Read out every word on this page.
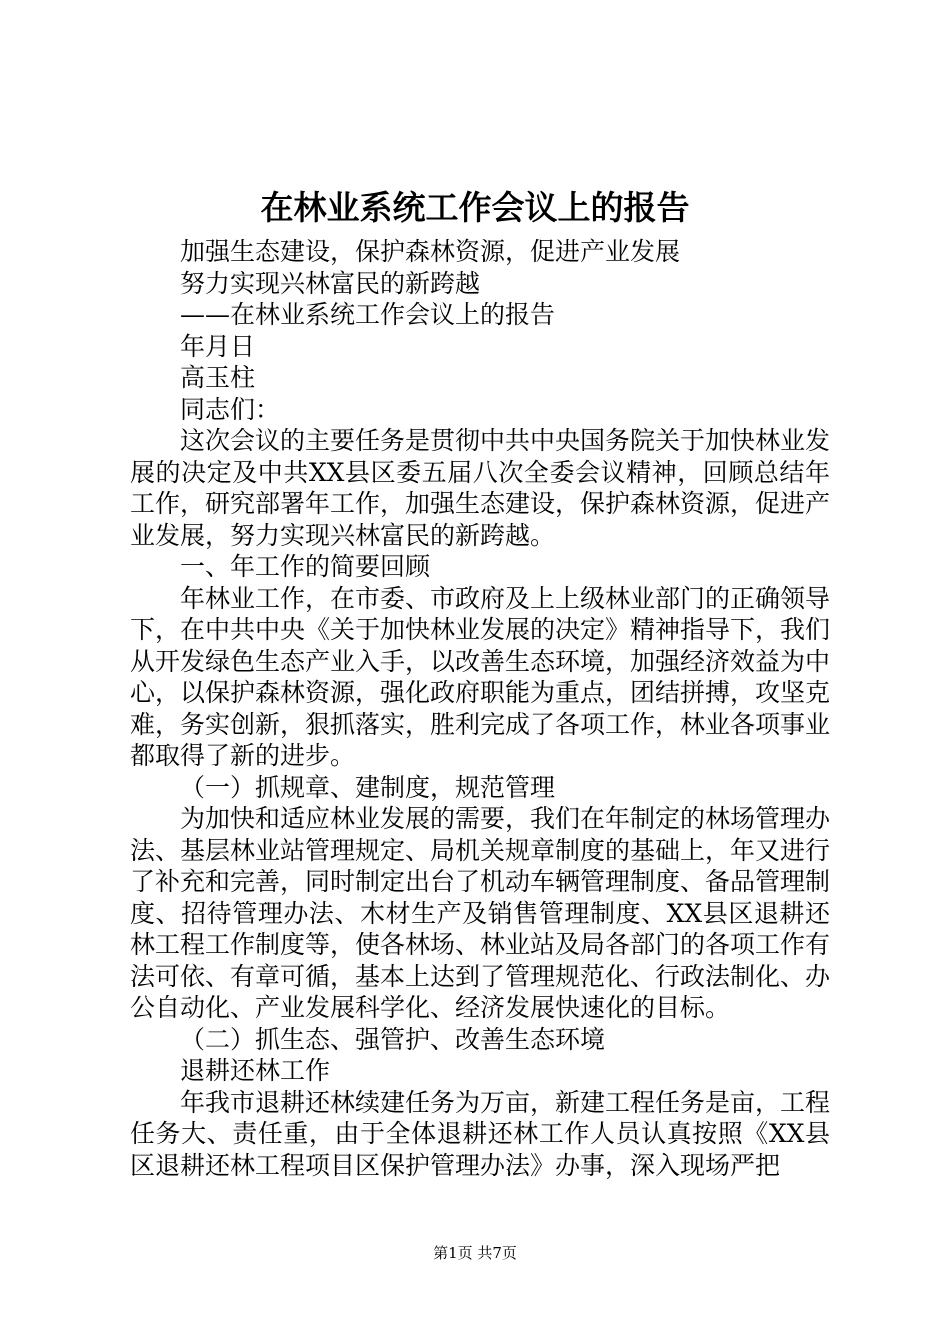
在林业系统工作会议上的报告

加强生态建设，保护森林资源，促进产业发展

努力实现兴林富民的新跨越

——在林业系统工作会议上的报告

年月日

高玉柱

同志们：

这次会议的主要任务是贯彻中共中央国务院关于加快林业发展的决定及中共XX县区委五届八次全委会议精神，回顾总结年工作，研究部署年工作，加强生态建设，保护森林资源，促进产业发展，努力实现兴林富民的新跨越。

一、年工作的简要回顾

年林业工作，在市委、市政府及上上级林业部门的正确领导下，在中共中央《关于加快林业发展的决定》精神指导下，我们从开发绿色生态产业入手，以改善生态环境，加强经济效益为中心，以保护森林资源，强化政府职能为重点，团结拼搏，攻坚克难，务实创新，狠抓落实，胜利完成了各项工作，林业各项事业都取得了新的进步。

（一）抓规章、建制度，规范管理

为加快和适应林业发展的需要，我们在年制定的林场管理办法、基层林业站管理规定、局机关规章制度的基础上，年又进行了补充和完善，同时制定出台了机动车辆管理制度、备品管理制度、招待管理办法、木材生产及销售管理制度、XX县区退耕还林工程工作制度等，使各林场、林业站及局各部门的各项工作有法可依、有章可循，基本上达到了管理规范化、行政法制化、办公自动化、产业发展科学化、经济发展快速化的目标。

（二）抓生态、强管护、改善生态环境

退耕还林工作

年我市退耕还林续建任务为万亩，新建工程任务是亩，工程任务大、责任重，由于全体退耕还林工作人员认真按照《XX县区退耕还林工程项目区保护管理办法》办事，深入现场严把

第1页 共7页
